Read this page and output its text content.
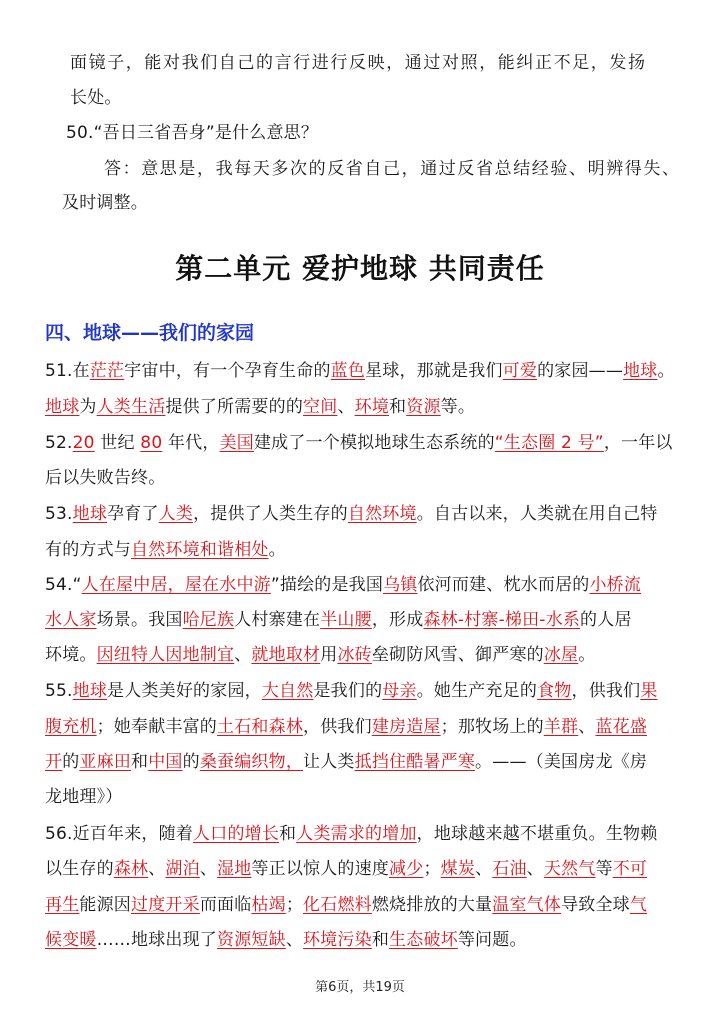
面镜子，能对我们自己的言行进行反映，通过对照，能纠正不足，发扬
长处。
50.“吾日三省吾身”是什么意思？
答：意思是，我每天多次的反省自己，通过反省总结经验、明辨得失、
及时调整。
第二单元 爱护地球 共同责任
四、地球——我们的家园
51.在茫茫宇宙中，有一个孕育生命的蓝色星球，那就是我们可爱的家园——地球。
地球为人类生活提供了所需要的的空间、环境和资源等。
52.20 世纪 80 年代，美国建成了一个模拟地球生态系统的“生态圈 2 号”，一年以
后以失败告终。
53.地球孕育了人类，提供了人类生存的自然环境。自古以来，人类就在用自己特
有的方式与自然环境和谐相处。
54.“人在屋中居，屋在水中游”描绘的是我国乌镇依河而建、枕水而居的小桥流
水人家场景。我国哈尼族人村寨建在半山腰，形成森林-村寨-梯田-水系的人居
环境。因纽特人因地制宜、就地取材用冰砖垒砌防风雪、御严寒的冰屋。
55.地球是人类美好的家园，大自然是我们的母亲。她生产充足的食物，供我们果
腹充机；她奉献丰富的土石和森林，供我们建房造屋；那牧场上的羊群、蓝花盛
开的亚麻田和中国的桑蚕编织物，让人类抵挡住酷暑严寒。——（美国房龙《房
龙地理》）
56.近百年来，随着人口的增长和人类需求的增加，地球越来越不堪重负。生物赖
以生存的森林、湖泊、湿地等正以惊人的速度减少；煤炭、石油、天然气等不可
再生能源因过度开采而面临枯竭；化石燃料燃烧排放的大量温室气体导致全球气
候变暖……地球出现了资源短缺、环境污染和生态破坏等问题。
第6页，共19页
